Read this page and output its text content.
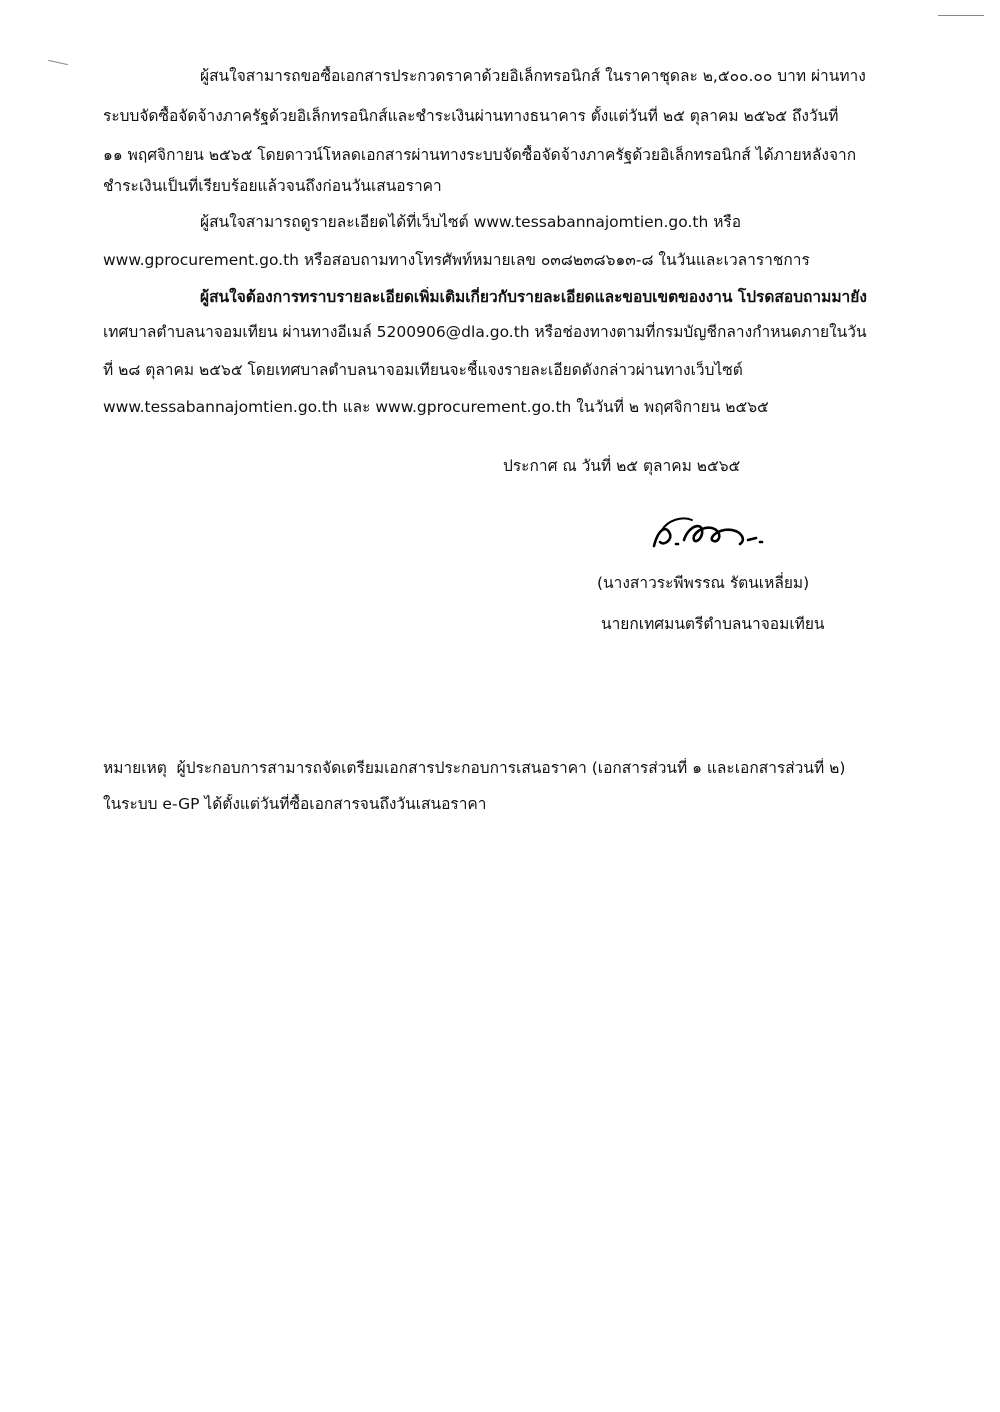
ผู้สนใจสามารถขอซื้อเอกสารประกวดราคาด้วยอิเล็กทรอนิกส์ ในราคาชุดละ ๒,๕๐๐.๐๐ บาท ผ่านทาง
ระบบจัดซื้อจัดจ้างภาครัฐด้วยอิเล็กทรอนิกส์และชำระเงินผ่านทางธนาคาร ตั้งแต่วันที่ ๒๕ ตุลาคม ๒๕๖๕ ถึงวันที่
๑๑ พฤศจิกายน ๒๕๖๕ โดยดาวน์โหลดเอกสารผ่านทางระบบจัดซื้อจัดจ้างภาครัฐด้วยอิเล็กทรอนิกส์ ได้ภายหลังจาก
ชำระเงินเป็นที่เรียบร้อยแล้วจนถึงก่อนวันเสนอราคา
ผู้สนใจสามารถดูรายละเอียดได้ที่เว็บไซต์ www.tessabannajomtien.go.th หรือ
www.gprocurement.go.th หรือสอบถามทางโทรศัพท์หมายเลข ๐๓๘๒๓๘๖๑๓-๘ ในวันและเวลาราชการ
ผู้สนใจต้องการทราบรายละเอียดเพิ่มเติมเกี่ยวกับรายละเอียดและขอบเขตของงาน โปรดสอบถามมายัง
เทศบาลตำบลนาจอมเทียน ผ่านทางอีเมล์ 5200906@dla.go.th หรือช่องทางตามที่กรมบัญชีกลางกำหนดภายในวัน
ที่ ๒๘ ตุลาคม ๒๕๖๕ โดยเทศบาลตำบลนาจอมเทียนจะชี้แจงรายละเอียดดังกล่าวผ่านทางเว็บไซต์
www.tessabannajomtien.go.th และ www.gprocurement.go.th ในวันที่ ๒ พฤศจิกายน ๒๕๖๕
ประกาศ ณ วันที่ ๒๕ ตุลาคม ๒๕๖๕
ร.ร.
(นางสาวระพีพรรณ รัตนเหลี่ยม)
นายกเทศมนตรีตำบลนาจอมเทียน
หมายเหตุ ผู้ประกอบการสามารถจัดเตรียมเอกสารประกอบการเสนอราคา (เอกสารส่วนที่ ๑ และเอกสารส่วนที่ ๒)
ในระบบ e-GP ได้ตั้งแต่วันที่ซื้อเอกสารจนถึงวันเสนอราคา
